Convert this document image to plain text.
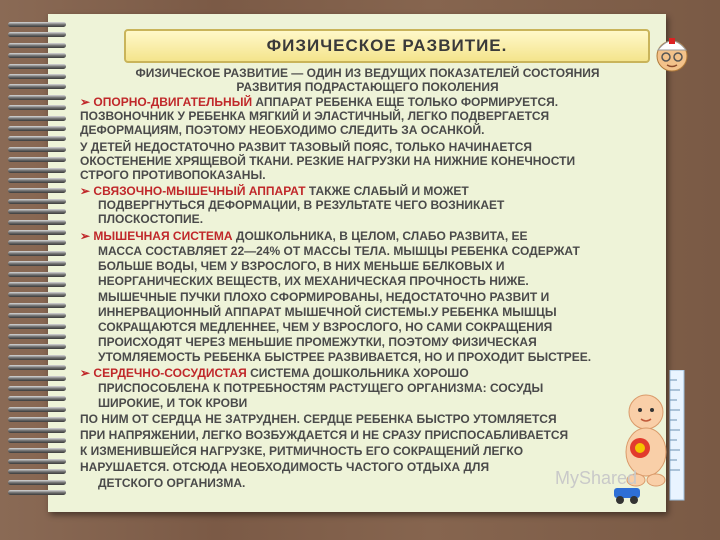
ФИЗИЧЕСКОЕ РАЗВИТИЕ.
ФИЗИЧЕСКОЕ РАЗВИТИЕ — ОДИН ИЗ ВЕДУЩИХ ПОКАЗАТЕЛЕЙ СОСТОЯНИЯ
РАЗВИТИЯ ПОДРАСТАЮЩЕГО ПОКОЛЕНИЯ
➢ ОПОРНО-ДВИГАТЕЛЬНЫЙ АППАРАТ РЕБЕНКА ЕЩЕ ТОЛЬКО ФОРМИРУЕТСЯ.
ПОЗВОНОЧНИК У РЕБЕНКА МЯГКИЙ И ЭЛАСТИЧНЫЙ, ЛЕГКО ПОДВЕРГАЕТСЯ
ДЕФОРМАЦИЯМ, ПОЭТОМУ НЕОБХОДИМО СЛЕДИТЬ ЗА ОСАНКОЙ.
У ДЕТЕЙ НЕДОСТАТОЧНО РАЗВИТ ТАЗОВЫЙ ПОЯС, ТОЛЬКО НАЧИНАЕТСЯ
ОКОСТЕНЕНИЕ ХРЯЩЕВОЙ ТКАНИ. РЕЗКИЕ НАГРУЗКИ НА НИЖНИЕ КОНЕЧНОСТИ
СТРОГО ПРОТИВОПОКАЗАНЫ.
➢ СВЯЗОЧНО-МЫШЕЧНЫЙ АППАРАТ ТАКЖЕ СЛАБЫЙ И МОЖЕТ
ПОДВЕРГНУТЬСЯ ДЕФОРМАЦИИ, В РЕЗУЛЬТАТЕ ЧЕГО ВОЗНИКАЕТ
ПЛОСКОСТОПИЕ.
➢ МЫШЕЧНАЯ СИСТЕМА ДОШКОЛЬНИКА, В ЦЕЛОМ, СЛАБО РАЗВИТА, ЕЕ
МАССА СОСТАВЛЯЕТ 22—24% ОТ МАССЫ ТЕЛА. МЫШЦЫ РЕБЕНКА СОДЕРЖАТ
БОЛЬШЕ ВОДЫ, ЧЕМ У ВЗРОСЛОГО, В НИХ МЕНЬШЕ БЕЛКОВЫХ И
НЕОРГАНИЧЕСКИХ ВЕЩЕСТВ, ИХ МЕХАНИЧЕСКАЯ ПРОЧНОСТЬ НИЖЕ.
МЫШЕЧНЫЕ ПУЧКИ ПЛОХО СФОРМИРОВАНЫ, НЕДОСТАТОЧНО РАЗВИТ И
ИННЕРВАЦИОННЫЙ АППАРАТ МЫШЕЧНОЙ СИСТЕМЫ.У РЕБЕНКА МЫШЦЫ
СОКРАЩАЮТСЯ МЕДЛЕННЕЕ, ЧЕМ У ВЗРОСЛОГО, НО САМИ СОКРАЩЕНИЯ
ПРОИСХОДЯТ ЧЕРЕЗ МЕНЬШИЕ ПРОМЕЖУТКИ, ПОЭТОМУ ФИЗИЧЕСКАЯ
УТОМЛЯЕМОСТЬ РЕБЕНКА БЫСТРЕЕ РАЗВИВАЕТСЯ, НО И ПРОХОДИТ БЫСТРЕЕ.
➢ СЕРДЕЧНО-СОСУДИСТАЯ СИСТЕМА ДОШКОЛЬНИКА ХОРОШО
ПРИСПОСОБЛЕНА К ПОТРЕБНОСТЯМ РАСТУЩЕГО ОРГАНИЗМА: СОСУДЫ
ШИРОКИЕ, И ТОК КРОВИ
ПО НИМ ОТ СЕРДЦА НЕ ЗАТРУДНЕН. СЕРДЦЕ РЕБЕНКА БЫСТРО УТОМЛЯЕТСЯ
ПРИ НАПРЯЖЕНИИ, ЛЕГКО ВОЗБУЖДАЕТСЯ И НЕ СРАЗУ ПРИСПОСАБЛИВАЕТСЯ
К ИЗМЕНИВШЕЙСЯ НАГРУЗКЕ, РИТМИЧНОСТЬ ЕГО СОКРАЩЕНИЙ ЛЕГКО
НАРУШАЕТСЯ. ОТСЮДА НЕОБХОДИМОСТЬ ЧАСТОГО ОТДЫХА ДЛЯ
ДЕТСКОГО ОРГАНИЗМА.	MyShared
